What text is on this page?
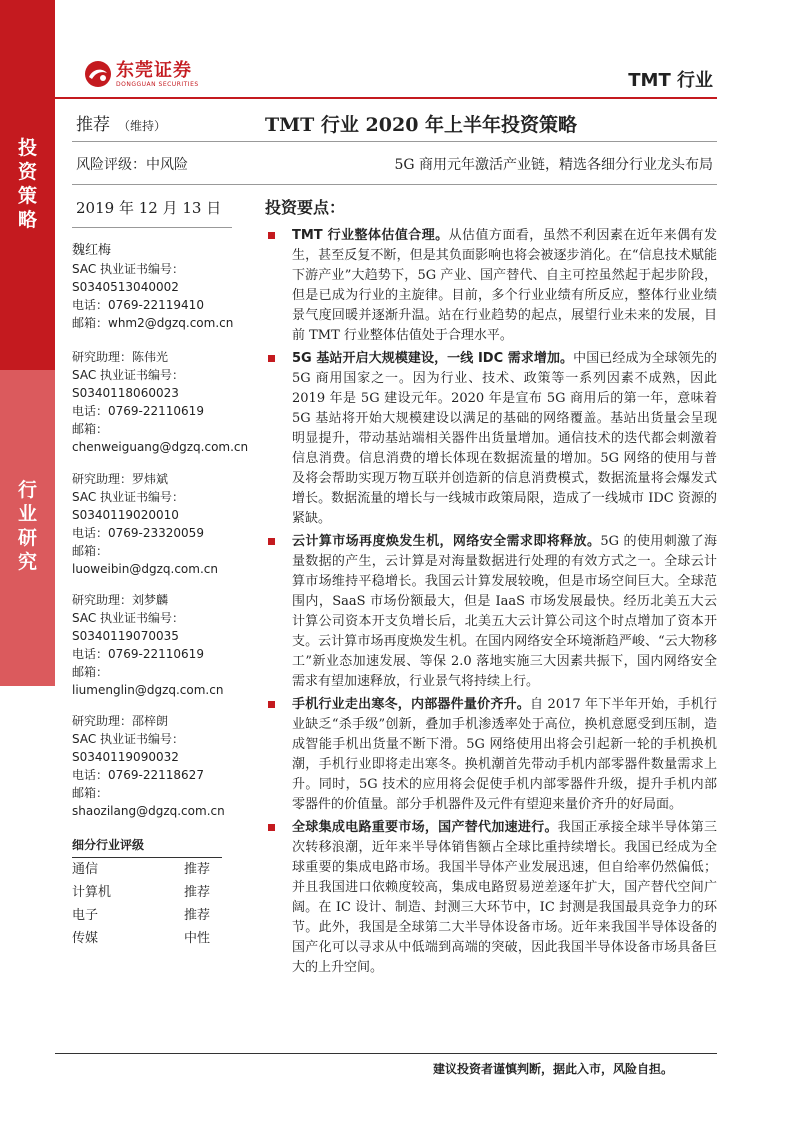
投资策略
行业研究
东莞证券
DONGGUAN SECURITIES	TMT 行业
推荐 （维持）	TMT 行业 2020 年上半年投资策略
风险评级：中风险	5G 商用元年激活产业链，精选各细分行业龙头布局
2019 年 12 月 13 日	投资要点：
魏红梅
SAC 执业证书编号：
S0340513040002
电话：0769-22119410
邮箱：whm2@dgzq.com.cn
研究助理：陈伟光
SAC 执业证书编号：
S0340118060023
电话：0769-22110619
邮箱：
chenweiguang@dgzq.com.cn
研究助理：罗炜斌
SAC 执业证书编号：
S0340119020010
电话：0769-23320059
邮箱：
luoweibin@dgzq.com.cn
研究助理：刘梦麟
SAC 执业证书编号：
S0340119070035
电话：0769-22110619
邮箱：
liumenglin@dgzq.com.cn
研究助理：邵梓朗
SAC 执业证书编号：
S0340119090032
电话：0769-22118627
邮箱：
shaozilang@dgzq.com.cn
细分行业评级
通信	推荐
计算机	推荐
电子	推荐
传媒	中性
TMT 行业整体估值合理。从估值方面看，虽然不利因素在近年来偶有发生，甚至反复不断，但是其负面影响也将会被逐步消化。在“信息技术赋能下游产业”大趋势下，5G 产业、国产替代、自主可控虽然起于起步阶段，但是已成为行业的主旋律。目前，多个行业业绩有所反应，整体行业业绩景气度回暖并逐渐升温。站在行业趋势的起点，展望行业未来的发展，目前 TMT 行业整体估值处于合理水平。
5G 基站开启大规模建设，一线 IDC 需求增加。中国已经成为全球领先的 5G 商用国家之一。因为行业、技术、政策等一系列因素不成熟，因此 2019 年是 5G 建设元年。2020 年是宣布 5G 商用后的第一年，意味着 5G 基站将开始大规模建设以满足的基础的网络覆盖。基站出货量会呈现明显提升，带动基站端相关器件出货量增加。通信技术的迭代都会刺激着信息消费。信息消费的增长体现在数据流量的增加。5G 网络的使用与普及将会帮助实现万物互联并创造新的信息消费模式，数据流量将会爆发式增长。数据流量的增长与一线城市政策局限，造成了一线城市 IDC 资源的紧缺。
云计算市场再度焕发生机，网络安全需求即将释放。5G 的使用刺激了海量数据的产生，云计算是对海量数据进行处理的有效方式之一。全球云计算市场维持平稳增长。我国云计算发展较晚，但是市场空间巨大。全球范围内，SaaS 市场份额最大，但是 IaaS 市场发展最快。经历北美五大云计算公司资本开支负增长后，北美五大云计算公司这个时点增加了资本开支。云计算市场再度焕发生机。在国内网络安全环境渐趋严峻、“云大物移工”新业态加速发展、等保 2.0 落地实施三大因素共振下，国内网络安全需求有望加速释放，行业景气将持续上行。
手机行业走出寒冬，内部器件量价齐升。自 2017 年下半年开始，手机行业缺乏“杀手级”创新，叠加手机渗透率处于高位，换机意愿受到压制，造成智能手机出货量不断下滑。5G 网络使用出将会引起新一轮的手机换机潮，手机行业即将走出寒冬。换机潮首先带动手机内部零器件数量需求上升。同时，5G 技术的应用将会促使手机内部零器件升级，提升手机内部零器件的价值量。部分手机器件及元件有望迎来量价齐升的好局面。
全球集成电路重要市场，国产替代加速进行。我国正承接全球半导体第三次转移浪潮，近年来半导体销售额占全球比重持续增长。我国已经成为全球重要的集成电路市场。我国半导体产业发展迅速，但自给率仍然偏低；并且我国进口依赖度较高，集成电路贸易逆差逐年扩大，国产替代空间广阔。在 IC 设计、制造、封测三大环节中，IC 封测是我国最具竞争力的环节。此外，我国是全球第二大半导体设备市场。近年来我国半导体设备的国产化可以寻求从中低端到高端的突破，因此我国半导体设备市场具备巨大的上升空间。
建议投资者谨慎判断，据此入市，风险自担。
